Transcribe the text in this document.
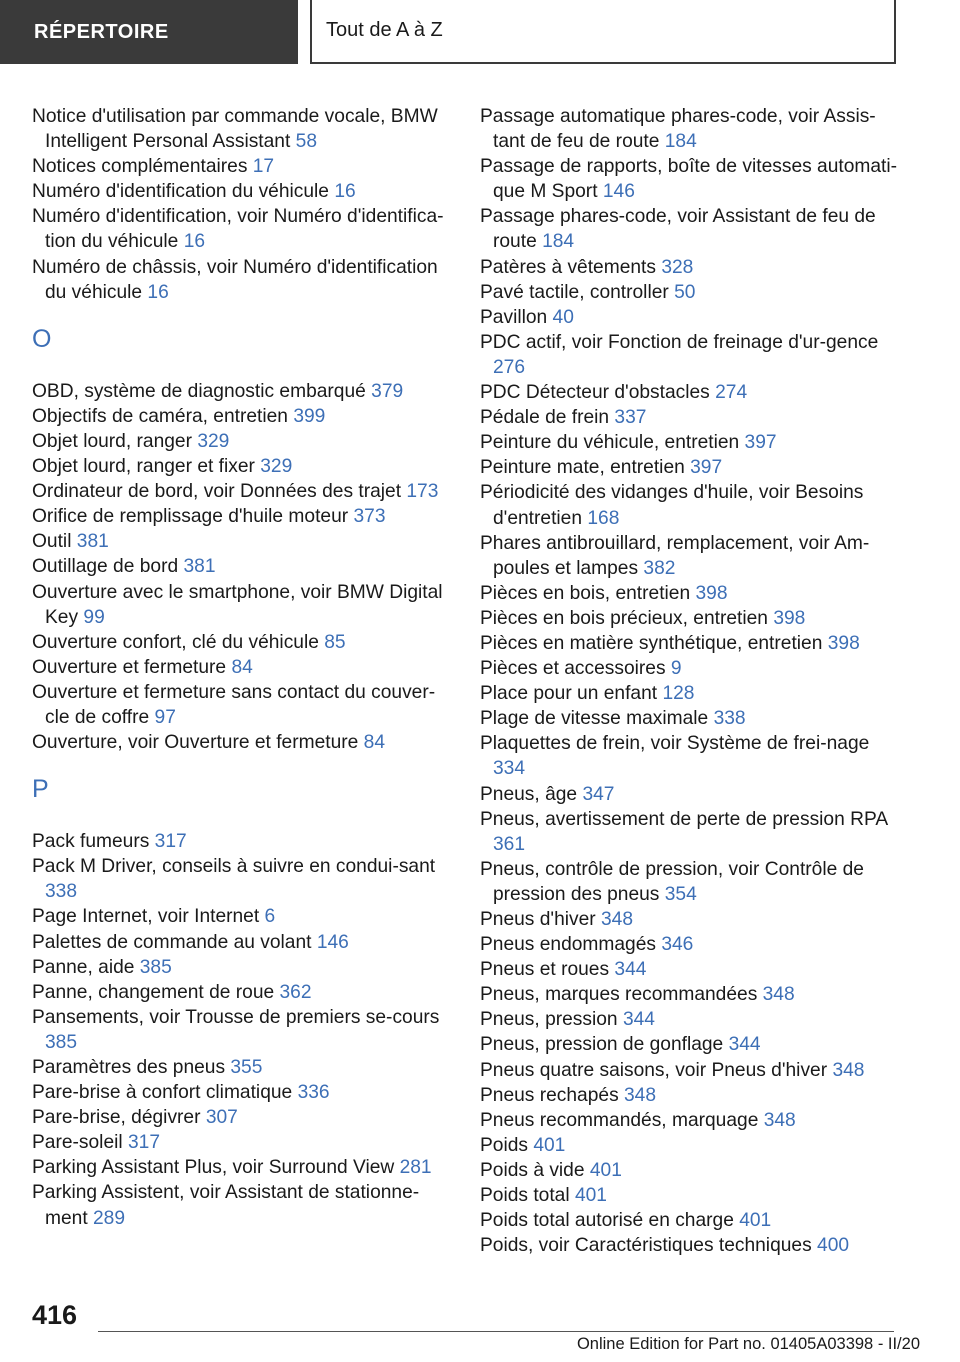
RÉPERTOIRE	Tout de A à Z

Notice d'utilisation par commande vocale, BMW Intelligent Personal Assistant 58

Notices complémentaires 17

Numéro d'identification du véhicule 16

Numéro d'identification, voir Numéro d'identifica‐tion du véhicule 16

Numéro de châssis, voir Numéro d'identification du véhicule 16

O

OBD, système de diagnostic embarqué 379

Objectifs de caméra, entretien 399

Objet lourd, ranger 329

Objet lourd, ranger et fixer 329

Ordinateur de bord, voir Données des trajet 173

Orifice de remplissage d'huile moteur 373

Outil 381

Outillage de bord 381

Ouverture avec le smartphone, voir BMW Digital Key 99

Ouverture confort, clé du véhicule 85

Ouverture et fermeture 84

Ouverture et fermeture sans contact du couver‐cle de coffre 97

Ouverture, voir Ouverture et fermeture 84

P

Pack fumeurs 317

Pack M Driver, conseils à suivre en condui‐sant 338

Page Internet, voir Internet 6

Palettes de commande au volant 146

Panne, aide 385

Panne, changement de roue 362

Pansements, voir Trousse de premiers se‐cours 385

Paramètres des pneus 355

Pare-brise à confort climatique 336

Pare-brise, dégivrer 307

Pare-soleil 317

Parking Assistant Plus, voir Surround View 281

Parking Assistent, voir Assistant de stationne‐ment 289

Passage automatique phares-code, voir Assis‐tant de feu de route 184

Passage de rapports, boîte de vitesses automati‐que M Sport 146

Passage phares-code, voir Assistant de feu de route 184

Patères à vêtements 328

Pavé tactile, controller 50

Pavillon 40

PDC actif, voir Fonction de freinage d'ur‐gence 276

PDC Détecteur d'obstacles 274

Pédale de frein 337

Peinture du véhicule, entretien 397

Peinture mate, entretien 397

Périodicité des vidanges d'huile, voir Besoins d'entretien 168

Phares antibrouillard, remplacement, voir Am‐poules et lampes 382

Pièces en bois, entretien 398

Pièces en bois précieux, entretien 398

Pièces en matière synthétique, entretien 398

Pièces et accessoires 9

Place pour un enfant 128

Plage de vitesse maximale 338

Plaquettes de frein, voir Système de frei‐nage 334

Pneus, âge 347

Pneus, avertissement de perte de pression RPA 361

Pneus, contrôle de pression, voir Contrôle de pression des pneus 354

Pneus d'hiver 348

Pneus endommagés 346

Pneus et roues 344

Pneus, marques recommandées 348

Pneus, pression 344

Pneus, pression de gonflage 344

Pneus quatre saisons, voir Pneus d'hiver 348

Pneus rechapés 348

Pneus recommandés, marquage 348

Poids 401

Poids à vide 401

Poids total 401

Poids total autorisé en charge 401

Poids, voir Caractéristiques techniques 400

416
Online Edition for Part no. 01405A03398 - II/20
